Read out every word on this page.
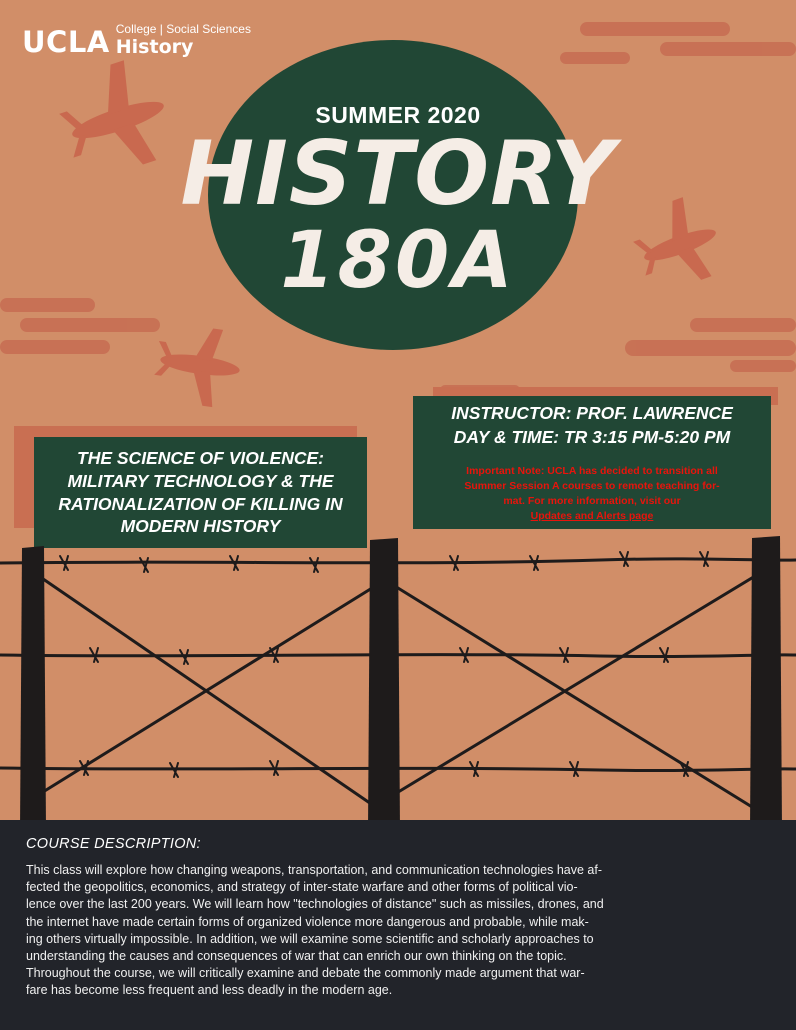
UCLA College | Social Sciences
History
SUMMER 2020
HISTORY
180A
THE SCIENCE OF VIOLENCE:
MILITARY TECHNOLOGY & THE
RATIONALIZATION OF KILLING IN
MODERN HISTORY
INSTRUCTOR: PROF. LAWRENCE
DAY & TIME: TR 3:15 PM-5:20 PM
Important Note: UCLA has decided to transition all
Summer Session A courses to remote teaching for-
mat. For more information, visit our
Updates and Alerts page
COURSE DESCRIPTION:
This class will explore how changing weapons, transportation, and communication technologies have af-
fected the geopolitics, economics, and strategy of inter-state warfare and other forms of political vio-
lence over the last 200 years. We will learn how "technologies of distance" such as missiles, drones, and
the internet have made certain forms of organized violence more dangerous and probable, while mak-
ing others virtually impossible. In addition, we will examine some scientific and scholarly approaches to
understanding the causes and consequences of war that can enrich our own thinking on the topic.
Throughout the course, we will critically examine and debate the commonly made argument that war-
fare has become less frequent and less deadly in the modern age.
